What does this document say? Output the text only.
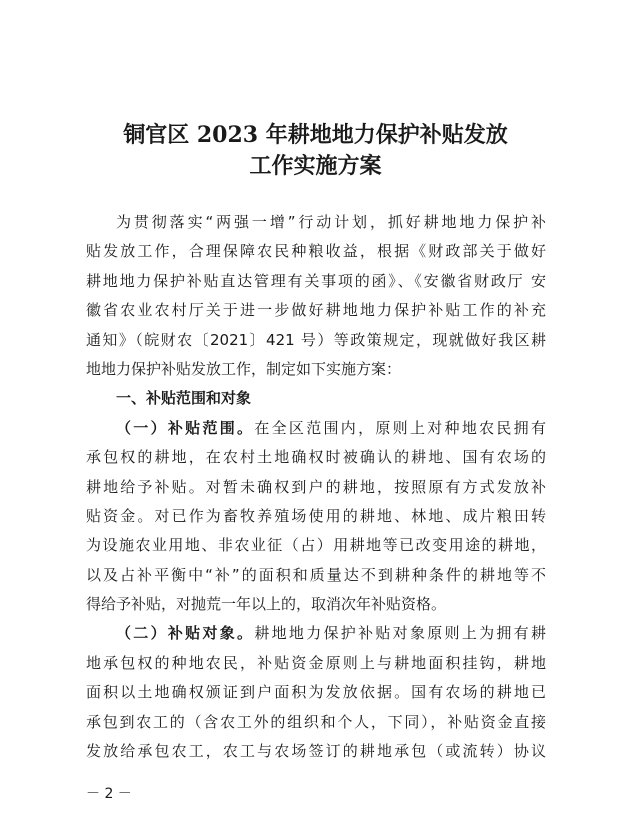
铜官区 2023 年耕地地力保护补贴发放
工作实施方案
为贯彻落实“两强一增”行动计划，抓好耕地地力保护补
贴发放工作，合理保障农民种粮收益，根据《财政部关于做好
耕地地力保护补贴直达管理有关事项的函》、《安徽省财政厅 安
徽省农业农村厅关于进一步做好耕地地力保护补贴工作的补充
通知》（皖财农〔2021〕421 号）等政策规定，现就做好我区耕
地地力保护补贴发放工作，制定如下实施方案：
一、补贴范围和对象
（一）补贴范围。在全区范围内，原则上对种地农民拥有
承包权的耕地，在农村土地确权时被确认的耕地、国有农场的
耕地给予补贴。对暂未确权到户的耕地，按照原有方式发放补
贴资金。对已作为畜牧养殖场使用的耕地、林地、成片粮田转
为设施农业用地、非农业征（占）用耕地等已改变用途的耕地，
以及占补平衡中“补”的面积和质量达不到耕种条件的耕地等不
得给予补贴，对抛荒一年以上的，取消次年补贴资格。
（二）补贴对象。耕地地力保护补贴对象原则上为拥有耕
地承包权的种地农民，补贴资金原则上与耕地面积挂钩，耕地
面积以土地确权颁证到户面积为发放依据。国有农场的耕地已
承包到农工的（含农工外的组织和个人，下同），补贴资金直接
发放给承包农工，农工与农场签订的耕地承包（或流转）协议
－ 2 －
